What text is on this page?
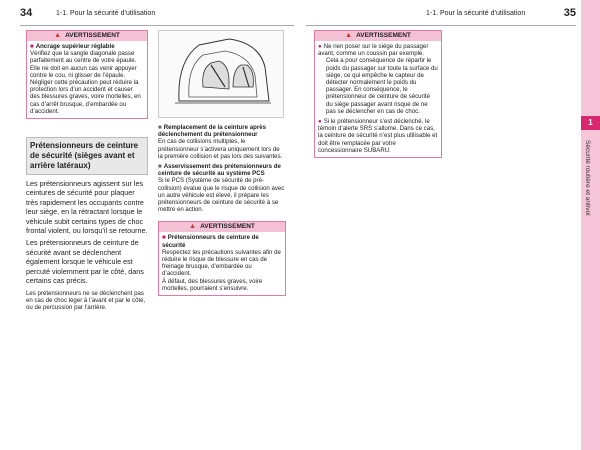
34	1-1. Pour la sécurité d’utilisation	1-1. Pour la sécurité d’utilisation	35
▲ AVERTISSEMENT
■ Ancrage supérieur réglable
Vérifiez que la sangle diagonale passe parfaitement au centre de votre épaule. Elle ne doit en aucun cas venir appuyer contre le cou, ni glisser de l’épaule. Négliger cette précaution peut réduire la protection lors d’un accident et causer des blessures graves, voire mortelles, en cas d’arrêt brusque, d’embardée ou d’accident.
Prétensionneurs de ceinture de sécurité (sièges avant et arrière latéraux)

Les prétensionneurs agissent sur les ceintures de sécurité pour plaquer très rapidement les occupants contre leur siège, en la rétractant lorsque le véhicule subit certains types de choc frontal violent, ou lorsqu’il se retourne.

Les prétensionneurs de ceinture de sécurité avant se déclenchent également lorsque le véhicule est percuté violemment par le côté, dans certains cas précis.

Les prétensionneurs ne se déclenchent pas en cas de choc léger à l’avant et par le côté, ou de percussion par l’arrière.

■ Remplacement de la ceinture après déclenchement du prétensionneur

En cas de collisions multiples, le prétensionneur s’activera uniquement lors de la première collision et pas lors des suivantes.

■ Asservissement des prétensionneurs de ceinture de sécurité au système PCS

Si le PCS (Système de sécurité de pré-collision) évalue que le risque de collision avec un autre véhicule est élevé, il prépare les prétensionneurs de ceinture de sécurité à se mettre en action.

▲ AVERTISSEMENT
■ Prétensionneurs de ceinture de sécurité
Respectez les précautions suivantes afin de réduire le risque de blessure en cas de freinage brusque, d’embardée ou d’accident.
À défaut, des blessures graves, voire mortelles, pourraient s’ensuivre.
▲ AVERTISSEMENT
● Ne rien poser sur le siège du passager avant, comme un coussin par exemple.
Cela a pour conséquence de répartir le poids du passager sur toute la surface du siège, ce qui empêche le capteur de détecter normalement le poids du passager. En conséquence, le prétensionneur de ceinture de sécurité du siège passager avant risque de ne pas se déclencher en cas de choc.
● Si le prétensionneur s’est déclenché, le témoin d’alerte SRS s’allume. Dans ce cas, la ceinture de sécurité n’est plus utilisable et doit être remplacée par votre concessionnaire SUBARU.
1
Sécurité routière et antivol
